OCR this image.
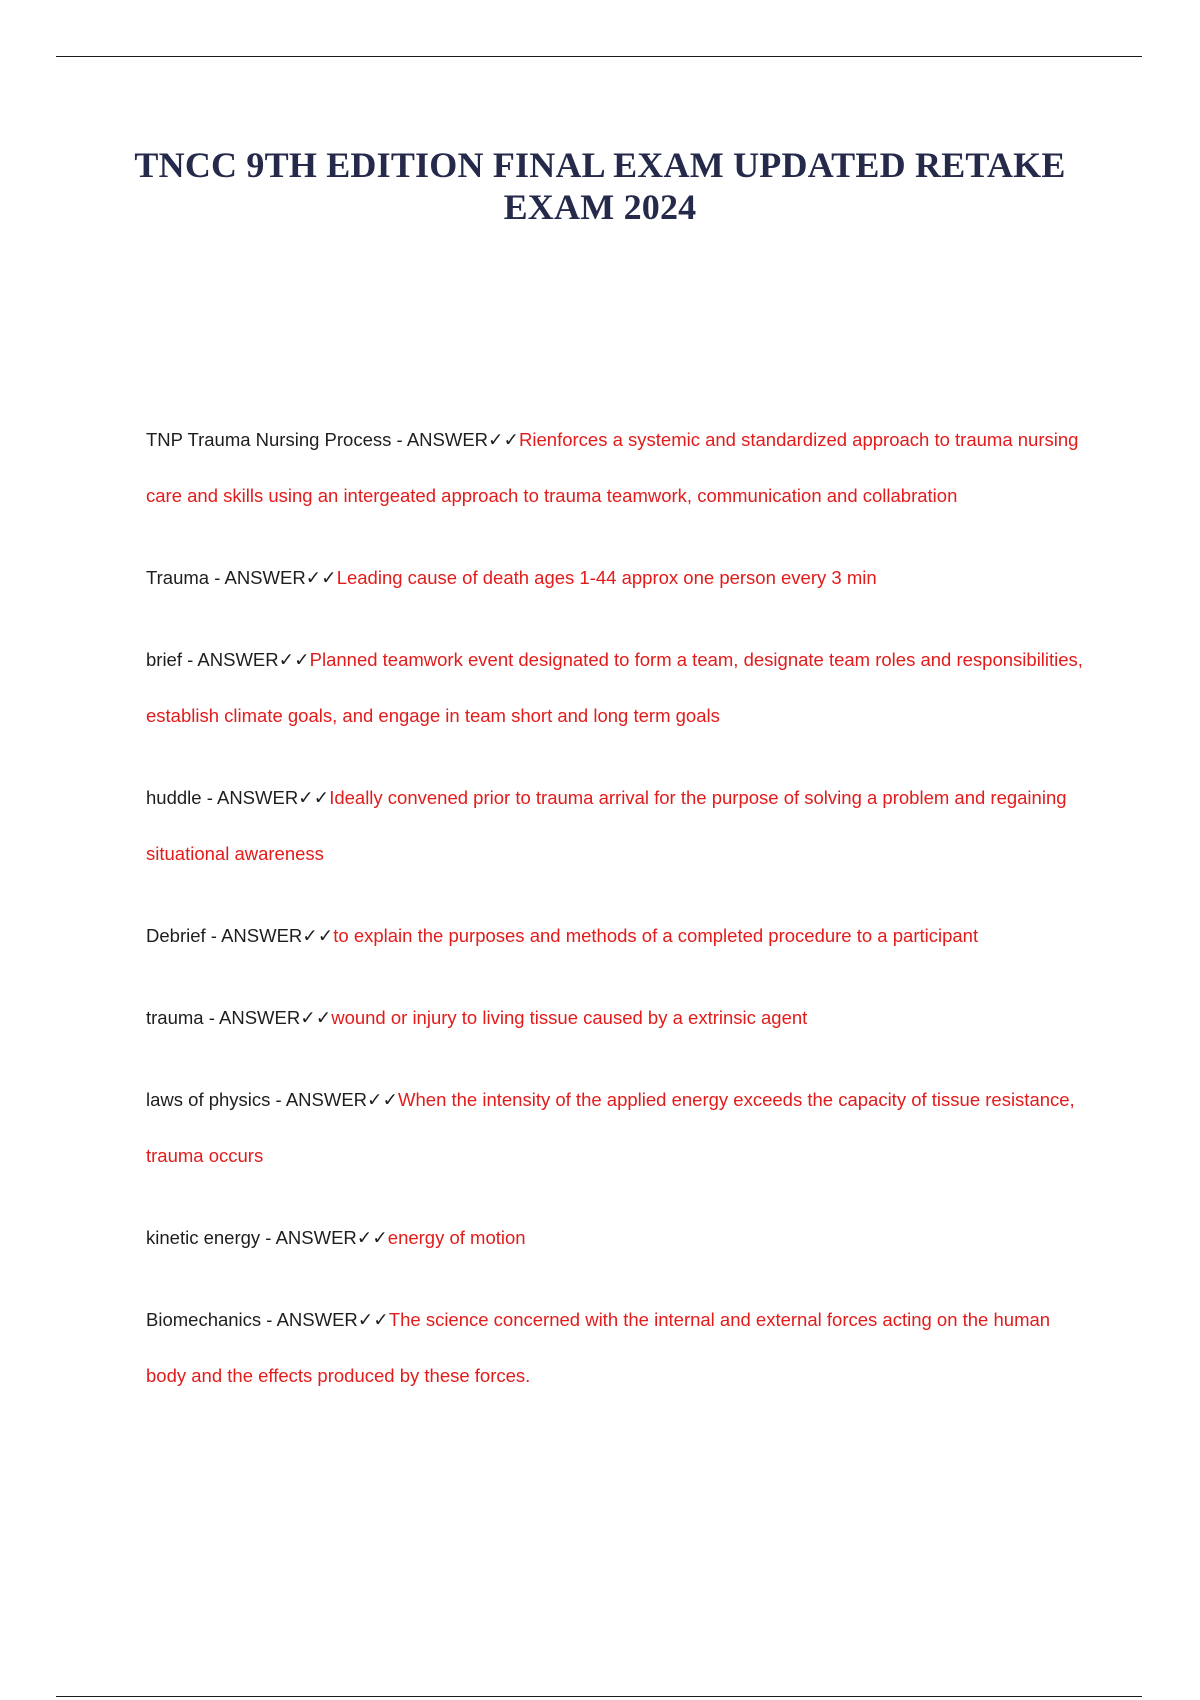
TNCC 9TH EDITION FINAL EXAM UPDATED RETAKE EXAM 2024
TNP Trauma Nursing Process - ANSWER✓✓Rienforces a systemic and standardized approach to trauma nursing care and skills using an intergeated approach to trauma teamwork, communication and collabration
Trauma - ANSWER✓✓Leading cause of death ages 1-44 approx one person every 3 min
brief - ANSWER✓✓Planned teamwork event designated to form a team, designate team roles and responsibilities, establish climate goals, and engage in team short and long term goals
huddle - ANSWER✓✓Ideally convened prior to trauma arrival for the purpose of solving a problem and regaining situational awareness
Debrief - ANSWER✓✓to explain the purposes and methods of a completed procedure to a participant
trauma - ANSWER✓✓wound or injury to living tissue caused by a extrinsic agent
laws of physics - ANSWER✓✓When the intensity of the applied energy exceeds the capacity of tissue resistance, trauma occurs
kinetic energy - ANSWER✓✓energy of motion
Biomechanics - ANSWER✓✓The science concerned with the internal and external forces acting on the human body and the effects produced by these forces.
